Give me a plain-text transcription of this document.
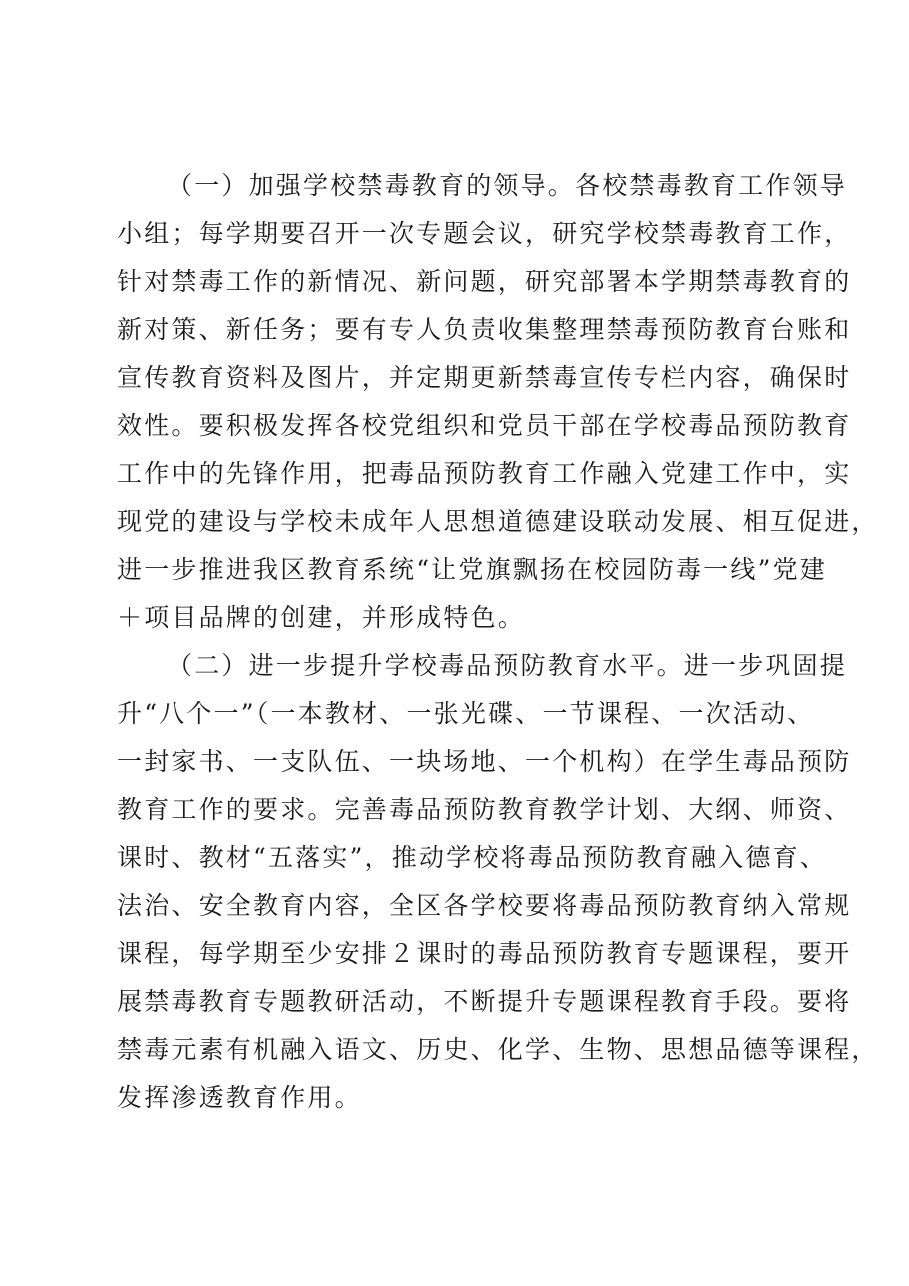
（一）加强学校禁毒教育的领导。各校禁毒教育工作领导
小组；每学期要召开一次专题会议，研究学校禁毒教育工作，
针对禁毒工作的新情况、新问题，研究部署本学期禁毒教育的
新对策、新任务；要有专人负责收集整理禁毒预防教育台账和
宣传教育资料及图片，并定期更新禁毒宣传专栏内容，确保时
效性。要积极发挥各校党组织和党员干部在学校毒品预防教育
工作中的先锋作用，把毒品预防教育工作融入党建工作中，实
现党的建设与学校未成年人思想道德建设联动发展、相互促进，
进一步推进我区教育系统“让党旗飘扬在校园防毒一线”党建
＋项目品牌的创建，并形成特色。
（二）进一步提升学校毒品预防教育水平。进一步巩固提
升“八个一”（一本教材、一张光碟、一节课程、一次活动、
一封家书、一支队伍、一块场地、一个机构）在学生毒品预防
教育工作的要求。完善毒品预防教育教学计划、大纲、师资、
课时、教材“五落实”，推动学校将毒品预防教育融入德育、
法治、安全教育内容，全区各学校要将毒品预防教育纳入常规
课程，每学期至少安排２课时的毒品预防教育专题课程，要开
展禁毒教育专题教研活动，不断提升专题课程教育手段。要将
禁毒元素有机融入语文、历史、化学、生物、思想品德等课程，
发挥渗透教育作用。
